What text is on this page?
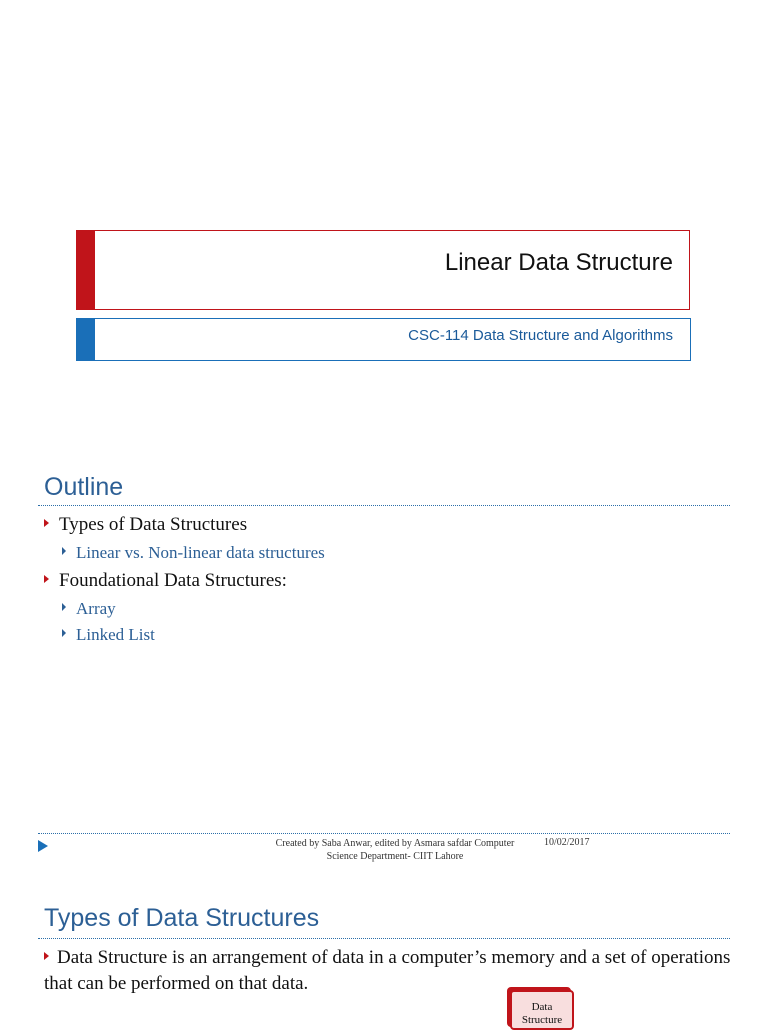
Linear Data Structure
CSC-114 Data Structure and Algorithms
Outline
Types of Data Structures
Linear vs. Non-linear data structures
Foundational Data Structures:
Array
Linked List
Created by Saba Anwar, edited by Asmara safdar Computer
Science Department- CIIT Lahore
10/02/2017
Types of Data Structures
Data Structure is an arrangement of data in a computer’s memory and a set of operations that can be performed on that data.
Data
Structure
